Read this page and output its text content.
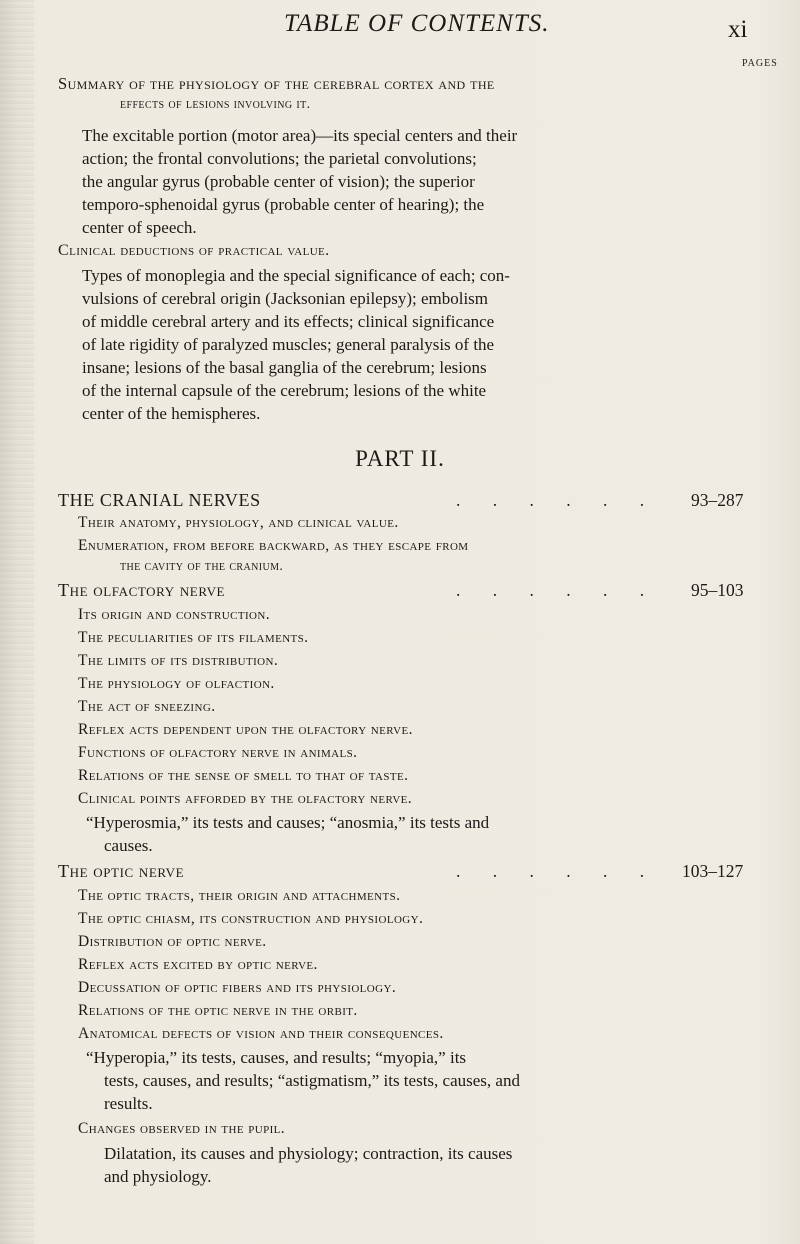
TABLE OF CONTENTS.	xi
PAGES
Summary of the physiology of the cerebral cortex and the
effects of lesions involving it.
The excitable portion (motor area)—its special centers and their
action; the frontal convolutions; the parietal convolutions;
the angular gyrus (probable center of vision); the superior
temporo-sphenoidal gyrus (probable center of hearing); the
center of speech.
Clinical deductions of practical value.
Types of monoplegia and the special significance of each; con-
vulsions of cerebral origin (Jacksonian epilepsy); embolism
of middle cerebral artery and its effects; clinical significance
of late rigidity of paralyzed muscles; general paralysis of the
insane; lesions of the basal ganglia of the cerebrum; lesions
of the internal capsule of the cerebrum; lesions of the white
center of the hemispheres.
PART II.
THE CRANIAL NERVES	. . . . . . 93–287
Their anatomy, physiology, and clinical value.
Enumeration, from before backward, as they escape from
the cavity of the cranium.
The olfactory nerve	. . . . . . 95–103
Its origin and construction.
The peculiarities of its filaments.
The limits of its distribution.
The physiology of olfaction.
The act of sneezing.
Reflex acts dependent upon the olfactory nerve.
Functions of olfactory nerve in animals.
Relations of the sense of smell to that of taste.
Clinical points afforded by the olfactory nerve.
“Hyperosmia,” its tests and causes; “anosmia,” its tests and
causes.
The optic nerve	. . . . . . 103–127
The optic tracts, their origin and attachments.
The optic chiasm, its construction and physiology.
Distribution of optic nerve.
Reflex acts excited by optic nerve.
Decussation of optic fibers and its physiology.
Relations of the optic nerve in the orbit.
Anatomical defects of vision and their consequences.
“Hyperopia,” its tests, causes, and results; “myopia,” its
tests, causes, and results; “astigmatism,” its tests, causes, and
results.
Changes observed in the pupil.
Dilatation, its causes and physiology; contraction, its causes
and physiology.
